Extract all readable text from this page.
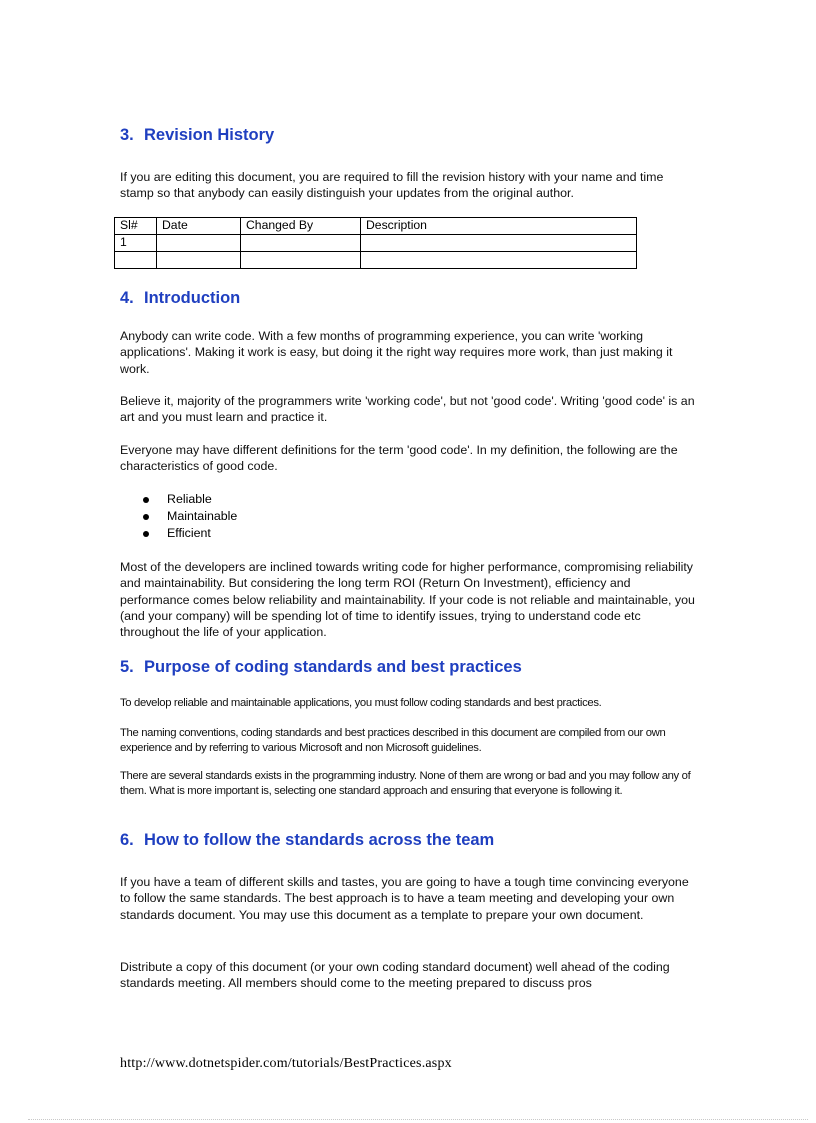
3. Revision History

If you are editing this document, you are required to fill the revision history with your name and time stamp so that anybody can easily distinguish your updates from the original author.

Sl#	Date	Changed By	Description
1			

4. Introduction

Anybody can write code. With a few months of programming experience, you can write 'working applications'. Making it work is easy, but doing it the right way requires more work, than just making it work.

Believe it, majority of the programmers write 'working code', but not 'good code'. Writing 'good code' is an art and you must learn and practice it.

Everyone may have different definitions for the term 'good code'. In my definition, the following are the characteristics of good code.

Reliable
Maintainable
Efficient

Most of the developers are inclined towards writing code for higher performance, compromising reliability and maintainability. But considering the long term ROI (Return On Investment), efficiency and performance comes below reliability and maintainability. If your code is not reliable and maintainable, you (and your company) will be spending lot of time to identify issues, trying to understand code etc throughout the life of your application.

5. Purpose of coding standards and best practices

To develop reliable and maintainable applications, you must follow coding standards and best practices.

The naming conventions, coding standards and best practices described in this document are compiled from our own experience and by referring to various Microsoft and non Microsoft guidelines.

There are several standards exists in the programming industry. None of them are wrong or bad and you may follow any of them. What is more important is, selecting one standard approach and ensuring that everyone is following it.

6. How to follow the standards across the team

If you have a team of different skills and tastes, you are going to have a tough time convincing everyone to follow the same standards. The best approach is to have a team meeting and developing your own standards document. You may use this document as a template to prepare your own document.

Distribute a copy of this document (or your own coding standard document) well ahead of the coding standards meeting. All members should come to the meeting prepared to discuss pros

http://www.dotnetspider.com/tutorials/BestPractices.aspx
